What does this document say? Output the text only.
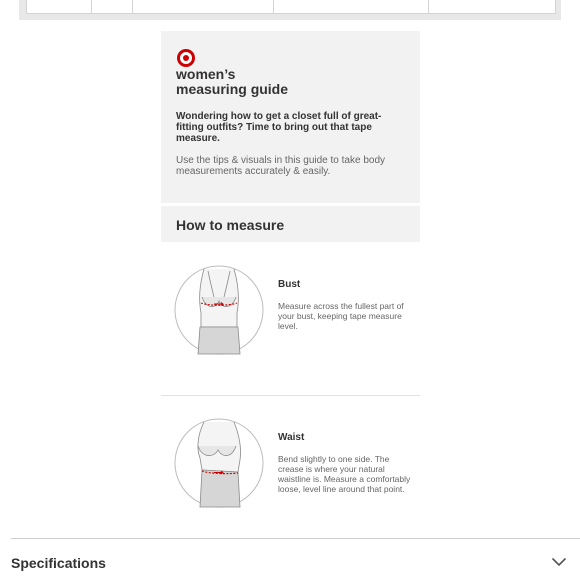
women’s
measuring guide

Wondering how to get a closet full of great-fitting outfits? Time to bring out that tape measure.

Use the tips & visuals in this guide to take body measurements accurately & easily.

How to measure
Bust

Measure across the fullest part of your bust, keeping tape measure level.

Waist

Bend slightly to one side. The crease is where your natural waistline is. Measure a comfortably loose, level line around that point.

Specifications
